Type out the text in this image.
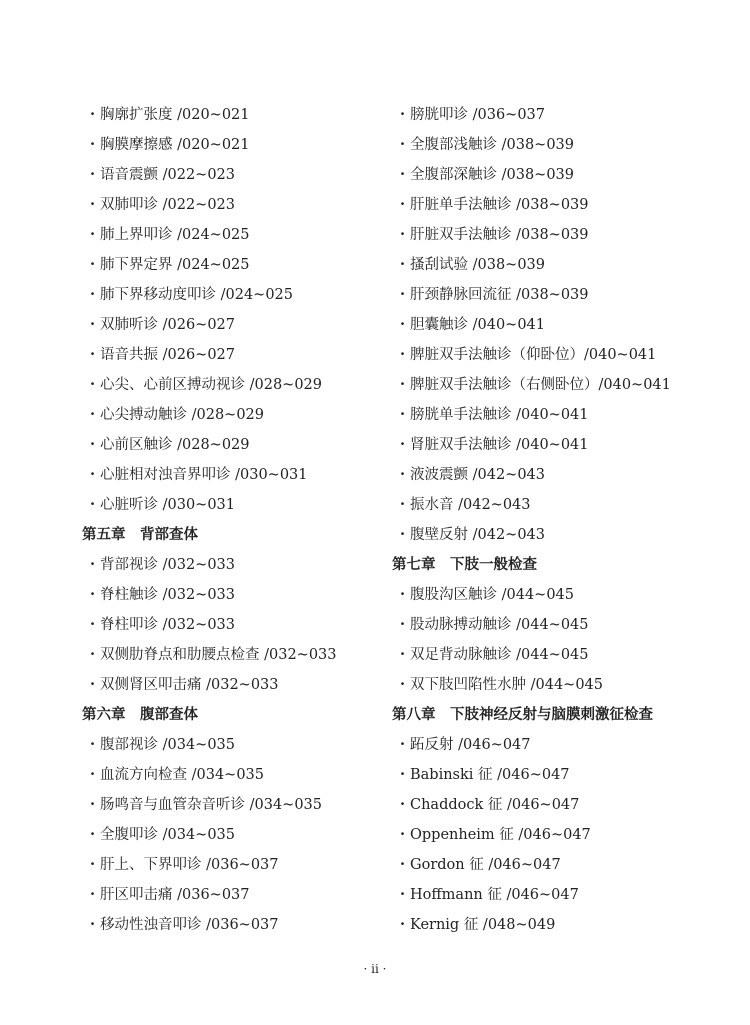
· 胸廓扩张度 /020~021
· 胸膜摩擦感 /020~021
· 语音震颤 /022~023
· 双肺叩诊 /022~023
· 肺上界叩诊 /024~025
· 肺下界定界 /024~025
· 肺下界移动度叩诊 /024~025
· 双肺听诊 /026~027
· 语音共振 /026~027
· 心尖、心前区搏动视诊 /028~029
· 心尖搏动触诊 /028~029
· 心前区触诊 /028~029
· 心脏相对浊音界叩诊 /030~031
· 心脏听诊 /030~031
第五章　背部查体
· 背部视诊 /032~033
· 脊柱触诊 /032~033
· 脊柱叩诊 /032~033
· 双侧肋脊点和肋腰点检查 /032~033
· 双侧肾区叩击痛 /032~033
第六章　腹部查体
· 腹部视诊 /034~035
· 血流方向检查 /034~035
· 肠鸣音与血管杂音听诊 /034~035
· 全腹叩诊 /034~035
· 肝上、下界叩诊 /036~037
· 肝区叩击痛 /036~037
· 移动性浊音叩诊 /036~037
· 膀胱叩诊 /036~037
· 全腹部浅触诊 /038~039
· 全腹部深触诊 /038~039
· 肝脏单手法触诊 /038~039
· 肝脏双手法触诊 /038~039
· 搔刮试验 /038~039
· 肝颈静脉回流征 /038~039
· 胆囊触诊 /040~041
· 脾脏双手法触诊（仰卧位）/040~041
· 脾脏双手法触诊（右侧卧位）/040~041
· 膀胱单手法触诊 /040~041
· 肾脏双手法触诊 /040~041
· 液波震颤 /042~043
· 振水音 /042~043
· 腹壁反射 /042~043
第七章　下肢一般检查
· 腹股沟区触诊 /044~045
· 股动脉搏动触诊 /044~045
· 双足背动脉触诊 /044~045
· 双下肢凹陷性水肿 /044~045
第八章　下肢神经反射与脑膜刺激征检查
· 跖反射 /046~047
· Babinski 征 /046~047
· Chaddock 征 /046~047
· Oppenheim 征 /046~047
· Gordon 征 /046~047
· Hoffmann 征 /046~047
· Kernig 征 /048~049
· ii ·
